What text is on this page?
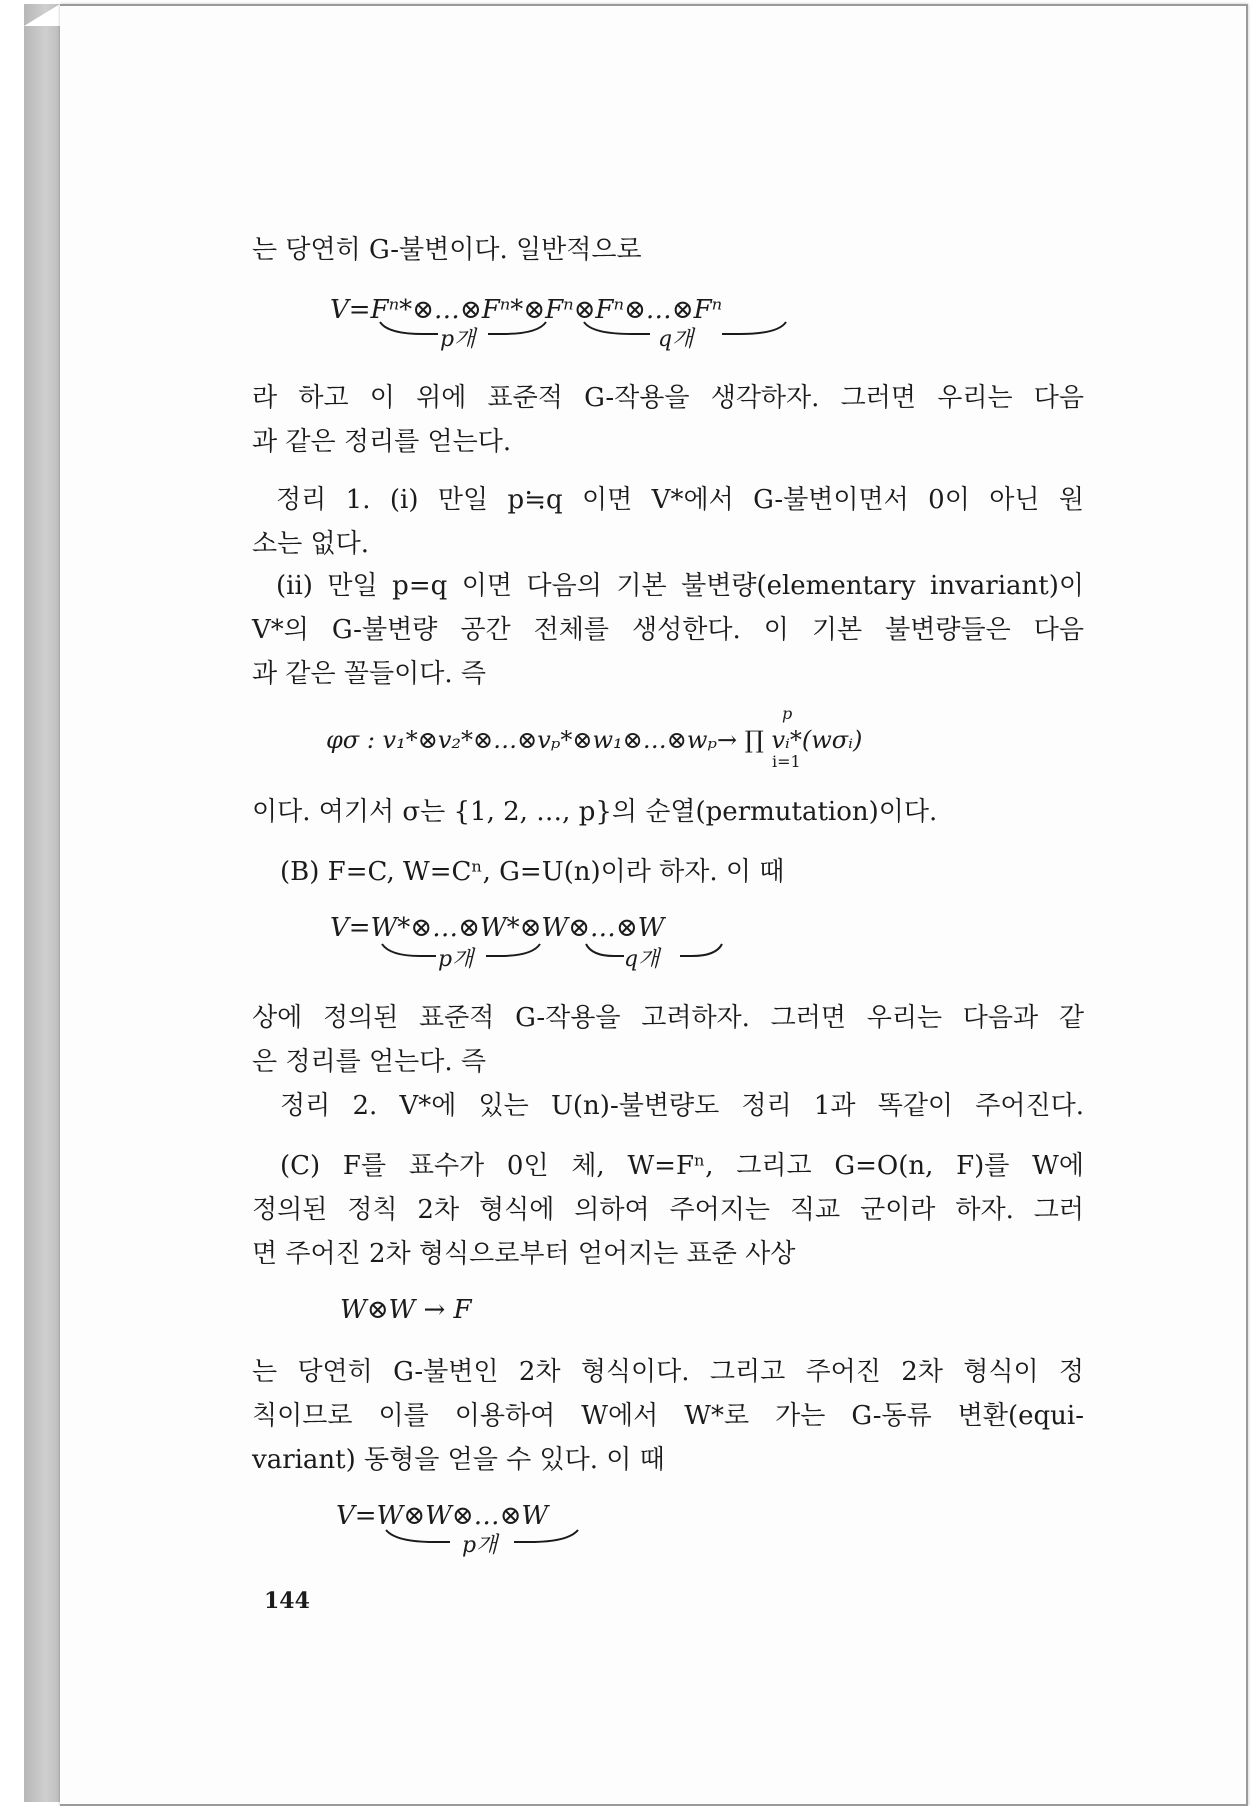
는 당연히 G-불변이다. 일반적으로
V=Fⁿ*⊗…⊗Fⁿ*⊗Fⁿ⊗Fⁿ⊗…⊗Fⁿ
p개	q개
라 하고 이 위에 표준적 G-작용을 생각하자. 그러면 우리는 다음
과 같은 정리를 얻는다.
정리 1. (i) 만일 p≒q 이면 V*에서 G-불변이면서 0이 아닌 원
소는 없다.
(ii) 만일 p=q 이면 다음의 기본 불변량(elementary invariant)이
V*의 G-불변량 공간 전체를 생성한다. 이 기본 불변량들은 다음
과 같은 꼴들이다. 즉
φσ : v₁*⊗v₂*⊗…⊗vₚ*⊗w₁⊗…⊗wₚ→ ∏ vᵢ*(wσᵢ)
p
i=1
이다. 여기서 σ는 {1, 2, …, p}의 순열(permutation)이다.
(B) F=C, W=Cⁿ, G=U(n)이라 하자. 이 때
V=W*⊗…⊗W*⊗W⊗…⊗W
p개	q개
상에 정의된 표준적 G-작용을 고려하자. 그러면 우리는 다음과 같
은 정리를 얻는다. 즉
정리 2. V*에 있는 U(n)-불변량도 정리 1과 똑같이 주어진다.
(C) F를 표수가 0인 체, W=Fⁿ, 그리고 G=O(n, F)를 W에
정의된 정칙 2차 형식에 의하여 주어지는 직교 군이라 하자. 그러
면 주어진 2차 형식으로부터 얻어지는 표준 사상
W⊗W → F
는 당연히 G-불변인 2차 형식이다. 그리고 주어진 2차 형식이 정
칙이므로 이를 이용하여 W에서 W*로 가는 G-동류 변환(equi-
variant) 동형을 얻을 수 있다. 이 때
V=W⊗W⊗…⊗W
p개
144
